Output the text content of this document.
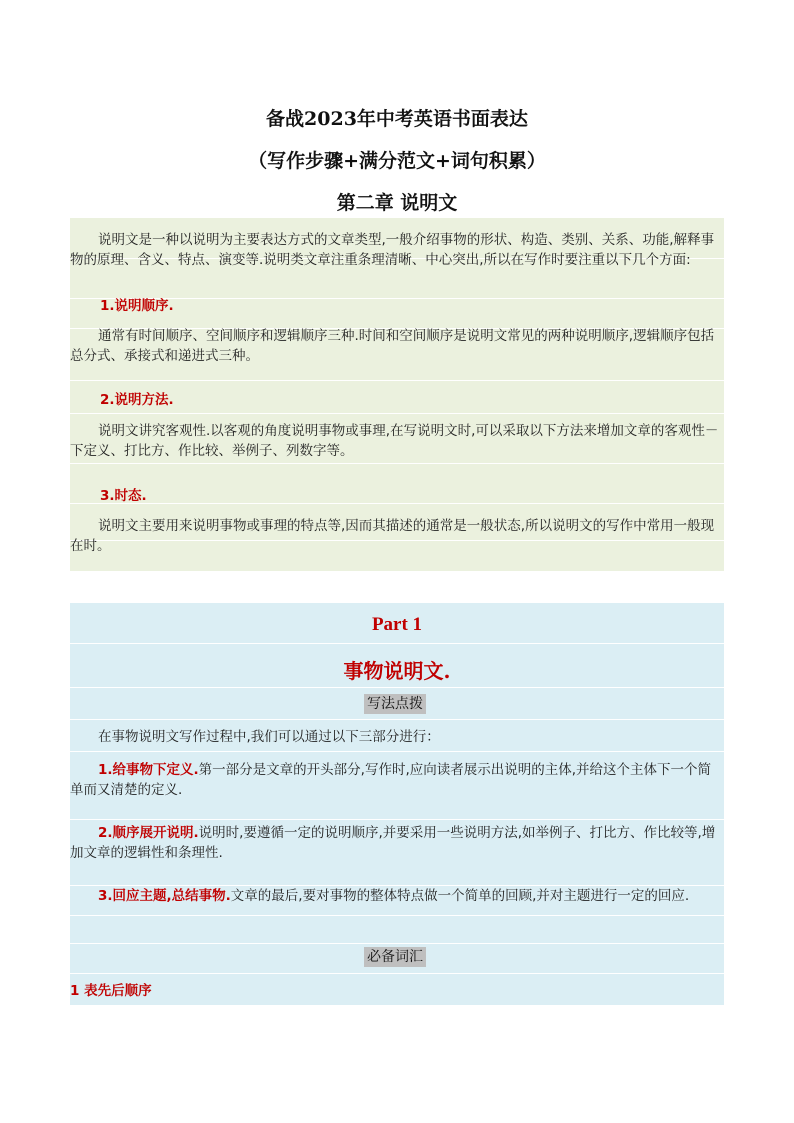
备战2023年中考英语书面表达
（写作步骤+满分范文+词句积累）
第二章 说明文
说明文是一种以说明为主要表达方式的文章类型,一般介绍事物的形状、构造、类别、关系、功能,解释事物的原理、含义、特点、演变等.说明类文章注重条理清晰、中心突出,所以在写作时要注重以下几个方面:
1.说明顺序.
通常有时间顺序、空间顺序和逻辑顺序三种.时间和空间顺序是说明文常见的两种说明顺序,逻辑顺序包括总分式、承接式和递进式三种。
2.说明方法.
说明文讲究客观性.以客观的角度说明事物或事理,在写说明文时,可以采取以下方法来增加文章的客观性－下定义、打比方、作比较、举例子、列数字等。
3.时态.
说明文主要用来说明事物或事理的特点等,因而其描述的通常是一般状态,所以说明文的写作中常用一般现在时。
Part 1
事物说明文.
写法点拨
在事物说明文写作过程中,我们可以通过以下三部分进行：
1.给事物下定义.第一部分是文章的开头部分,写作时,应向读者展示出说明的主体,并给这个主体下一个简单而又清楚的定义.
2.顺序展开说明.说明时,要遵循一定的说明顺序,并要采用一些说明方法,如举例子、打比方、作比较等,增加文章的逻辑性和条理性.
3.回应主题,总结事物.文章的最后,要对事物的整体特点做一个简单的回顾,并对主题进行一定的回应.
必备词汇
1 表先后顺序
